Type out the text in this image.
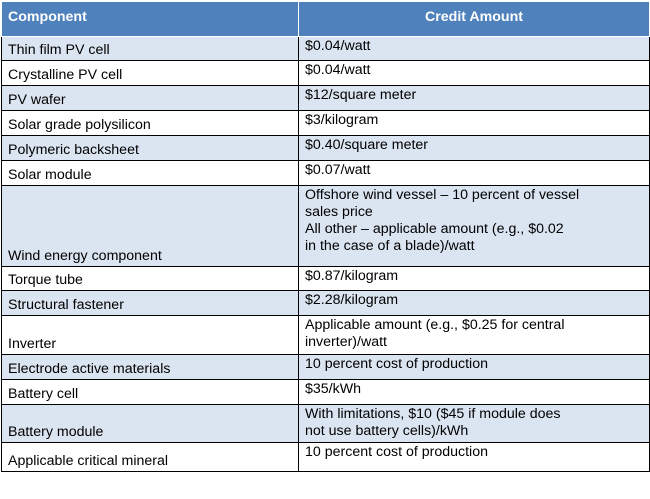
Component	Credit Amount
Thin film PV cell	$0.04/watt

Crystalline PV cell	$0.04/watt

PV wafer	$12/square meter

Solar grade polysilicon	$3/kilogram

Polymeric backsheet	$0.40/square meter

Solar module	$0.07/watt

Wind energy component	Offshore wind vessel – 10 percent of vessel
sales price
All other – applicable amount (e.g., $0.02
in the case of a blade)/watt

Torque tube	$0.87/kilogram

Structural fastener	$2.28/kilogram

Inverter	Applicable amount (e.g., $0.25 for central
inverter)/watt

Electrode active materials	10 percent cost of production

Battery cell	$35/kWh

Battery module	With limitations, $10 ($45 if module does
not use battery cells)/kWh

Applicable critical mineral	10 percent cost of production
